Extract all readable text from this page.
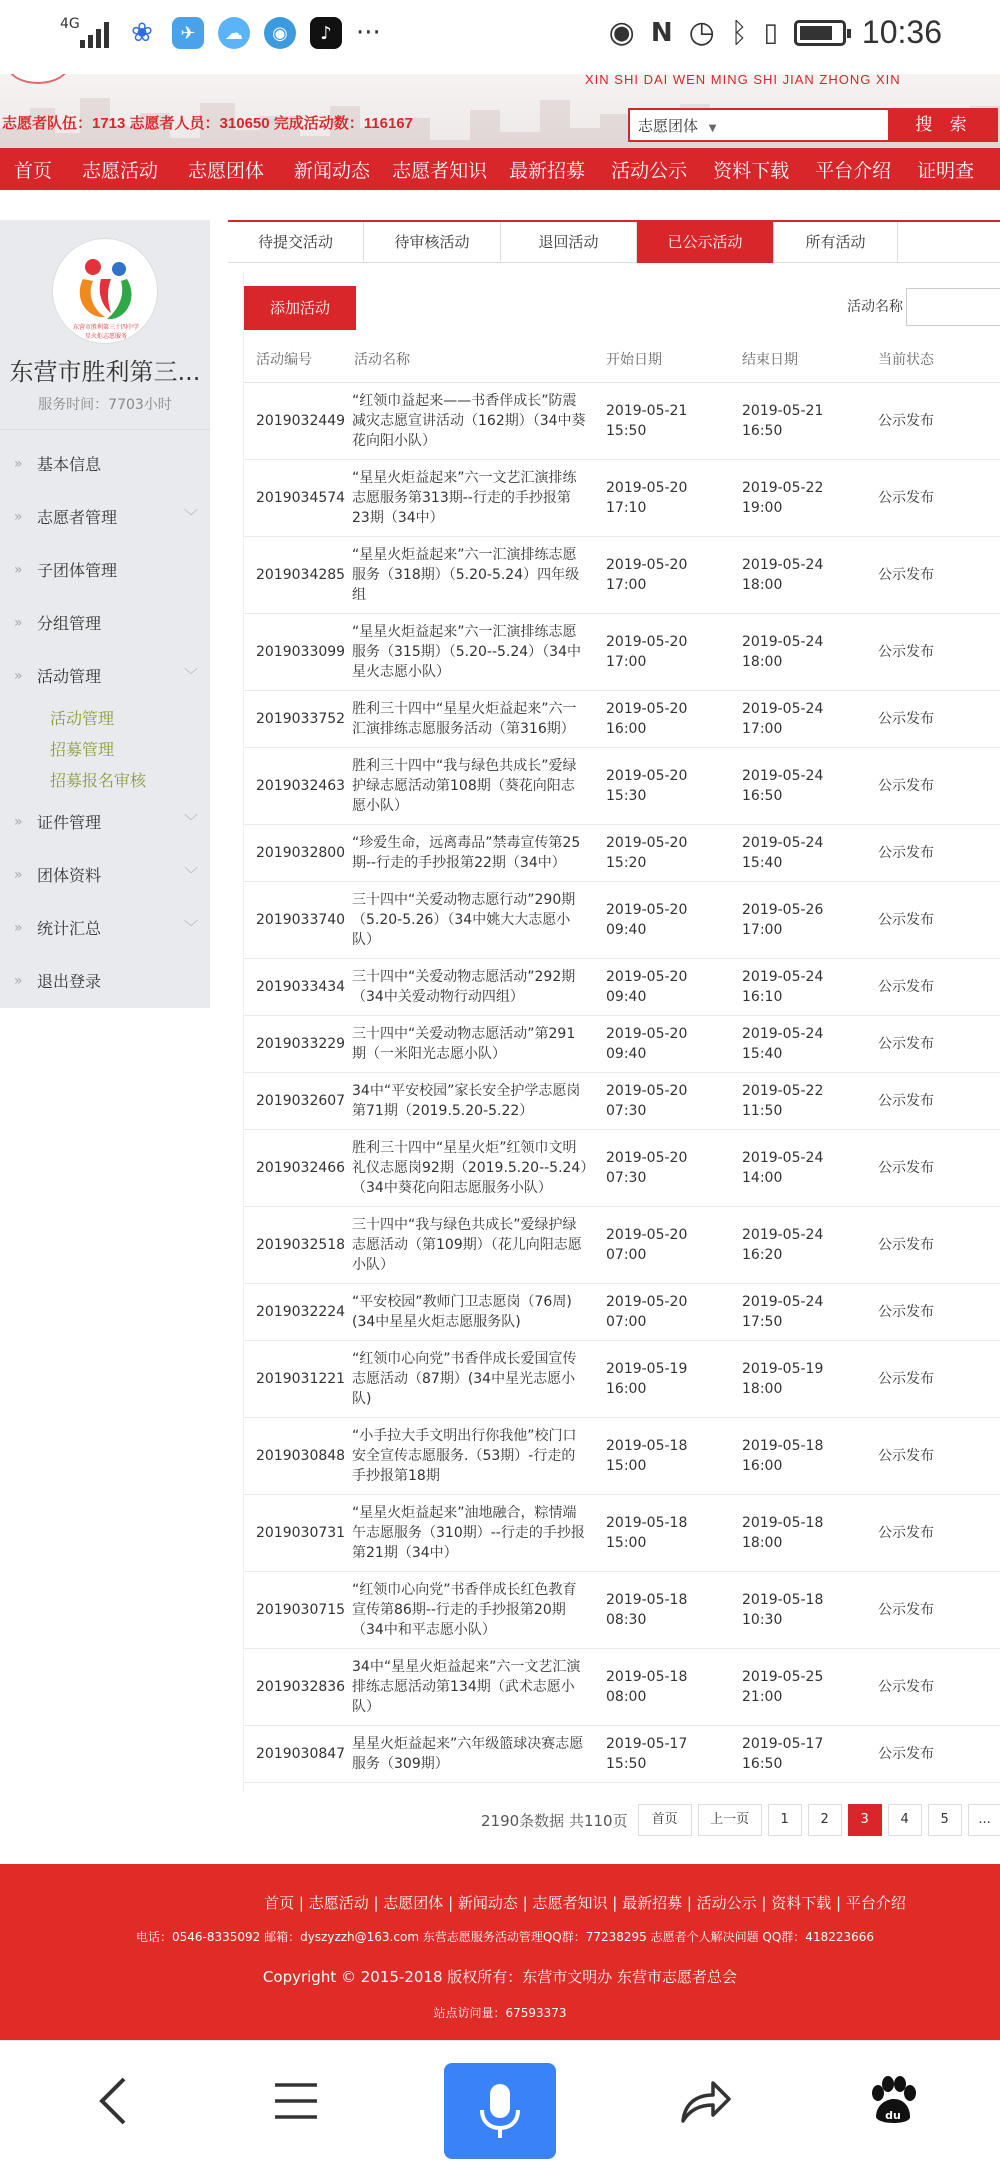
4G ❀	✈	☁	◉	♪ ···	◉ N ◷ ᛒ ▯	10:36
XIN SHI DAI WEN MING SHI JIAN ZHONG XIN
志愿者队伍：1713 志愿者人员：310650 完成活动数：116167	志愿团体 ▼	搜 索
首页 志愿活动 志愿团体 新闻动态 志愿者知识 最新招募 活动公示 资料下载 平台介绍 证明查
东营市胜利第三十四中学
星火炬志愿服务
东营市胜利第三...
服务时间：7703小时
» 基本信息
» 志愿者管理	﹀
» 子团体管理
» 分组管理
» 活动管理	﹀
活动管理
招募管理
招募报名审核
» 证件管理	﹀
» 团体资料	﹀
» 统计汇总	﹀
» 退出登录
待提交活动	待审核活动	退回活动	已公示活动	所有活动
添加活动	活动名称
活动编号	活动名称	开始日期	结束日期	当前状态
2019032449	“红领巾益起来——书香伴成长”防震减灾志愿宣讲活动（162期）（34中葵花向阳小队）	2019-05-21 15:50	2019-05-21 16:50	公示发布
2019034574	“星星火炬益起来”六一文艺汇演排练志愿服务第313期--行走的手抄报第23期（34中）	2019-05-20 17:10	2019-05-22 19:00	公示发布
2019034285	“星星火炬益起来”六一汇演排练志愿服务（318期）（5.20-5.24）四年级组	2019-05-20 17:00	2019-05-24 18:00	公示发布
2019033099	“星星火炬益起来”六一汇演排练志愿服务（315期）（5.20--5.24）（34中星火志愿小队）	2019-05-20 17:00	2019-05-24 18:00	公示发布
2019033752	胜利三十四中“星星火炬益起来”六一汇演排练志愿服务活动（第316期）	2019-05-20 16:00	2019-05-24 17:00	公示发布
2019032463	胜利三十四中“我与绿色共成长”爱绿护绿志愿活动第108期（葵花向阳志愿小队）	2019-05-20 15:30	2019-05-24 16:50	公示发布
2019032800	“珍爱生命，远离毒品”禁毒宣传第25期--行走的手抄报第22期（34中）	2019-05-20 15:20	2019-05-24 15:40	公示发布
2019033740	三十四中“关爱动物志愿行动”290期（5.20-5.26）（34中姚大大志愿小队）	2019-05-20 09:40	2019-05-26 17:00	公示发布
2019033434	三十四中“关爱动物志愿活动”292期（34中关爱动物行动四组）	2019-05-20 09:40	2019-05-24 16:10	公示发布
2019033229	三十四中“关爱动物志愿活动”第291期（一米阳光志愿小队）	2019-05-20 09:40	2019-05-24 15:40	公示发布
2019032607	34中“平安校园”家长安全护学志愿岗第71期（2019.5.20-5.22）	2019-05-20 07:30	2019-05-22 11:50	公示发布
2019032466	胜利三十四中“星星火炬”红领巾文明礼仪志愿岗92期（2019.5.20--5.24）（34中葵花向阳志愿服务小队）	2019-05-20 07:30	2019-05-24 14:00	公示发布
2019032518	三十四中“我与绿色共成长”爱绿护绿志愿活动（第109期）（花儿向阳志愿小队）	2019-05-20 07:00	2019-05-24 16:20	公示发布
2019032224	“平安校园”教师门卫志愿岗（76周)(34中星星火炬志愿服务队)	2019-05-20 07:00	2019-05-24 17:50	公示发布
2019031221	“红领巾心向党”书香伴成长爱国宣传志愿活动（87期）(34中星光志愿小队)	2019-05-19 16:00	2019-05-19 18:00	公示发布
2019030848	“小手拉大手文明出行你我他”校门口安全宣传志愿服务.（53期）-行走的手抄报第18期	2019-05-18 15:00	2019-05-18 16:00	公示发布
2019030731	“星星火炬益起来”油地融合，粽情端午志愿服务（310期）--行走的手抄报第21期（34中）	2019-05-18 15:00	2019-05-18 18:00	公示发布
2019030715	“红领巾心向党”书香伴成长红色教育宣传第86期--行走的手抄报第20期（34中和平志愿小队）	2019-05-18 08:30	2019-05-18 10:30	公示发布
2019032836	34中“星星火炬益起来”六一文艺汇演排练志愿活动第134期（武术志愿小队）	2019-05-18 08:00	2019-05-25 21:00	公示发布
2019030847	星星火炬益起来”六年级篮球决赛志愿服务（309期）	2019-05-17 15:50	2019-05-17 16:50	公示发布
2190条数据 共110页	首页	上一页	1	2	3	4	5	...
首页 | 志愿活动 | 志愿团体 | 新闻动态 | 志愿者知识 | 最新招募 | 活动公示 | 资料下载 | 平台介绍
电话：0546-8335092 邮箱：dyszyzzh@163.com 东营志愿服务活动管理QQ群：77238295 志愿者个人解决问题 QQ群：418223666
Copyright © 2015-2018 版权所有：东营市文明办 东营市志愿者总会
站点访问量：67593373
du
